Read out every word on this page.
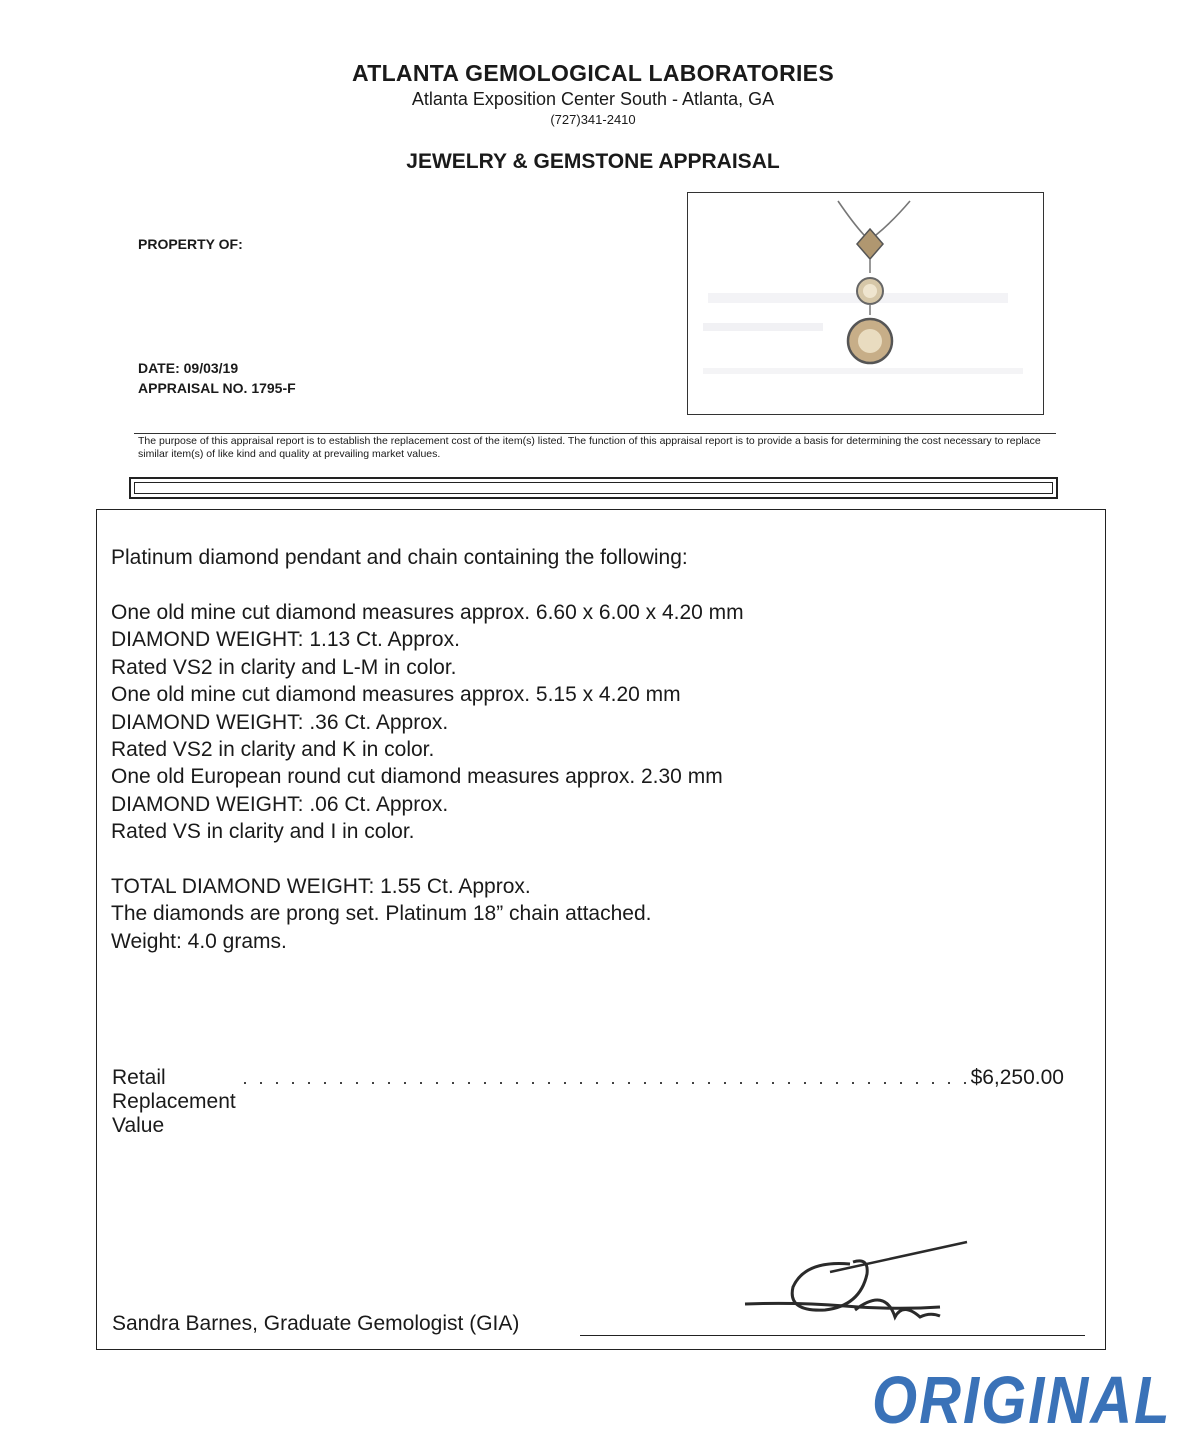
ATLANTA GEMOLOGICAL LABORATORIES
Atlanta Exposition Center South - Atlanta, GA
(727)341-2410
JEWELRY & GEMSTONE APPRAISAL
PROPERTY OF:
DATE: 09/03/19
APPRAISAL NO. 1795-F
The purpose of this appraisal report is to establish the replacement cost of the item(s) listed. The function of this appraisal report is to provide a basis for determining the cost necessary to replace similar item(s) of like kind and quality at prevailing market values.
Platinum diamond pendant and chain containing the following:
One old mine cut diamond measures approx. 6.60 x 6.00 x 4.20 mm
DIAMOND WEIGHT: 1.13 Ct. Approx.
Rated VS2 in clarity and L-M in color.
One old mine cut diamond measures approx. 5.15 x 4.20 mm
DIAMOND WEIGHT: .36 Ct. Approx.
Rated VS2 in clarity and K in color.
One old European round cut diamond measures approx. 2.30 mm
DIAMOND WEIGHT: .06 Ct. Approx.
Rated VS in clarity and I in color.
TOTAL DIAMOND WEIGHT: 1.55 Ct. Approx.
The diamonds are prong set. Platinum 18” chain attached.
Weight: 4.0 grams.
Retail Replacement Value
. . . . . . . . . . . . . . . . . . . . . . . . . . . . . . . . . . . . . . . . . . . . . . $6,250.00
Sandra Barnes, Graduate Gemologist (GIA)
ORIGINAL
